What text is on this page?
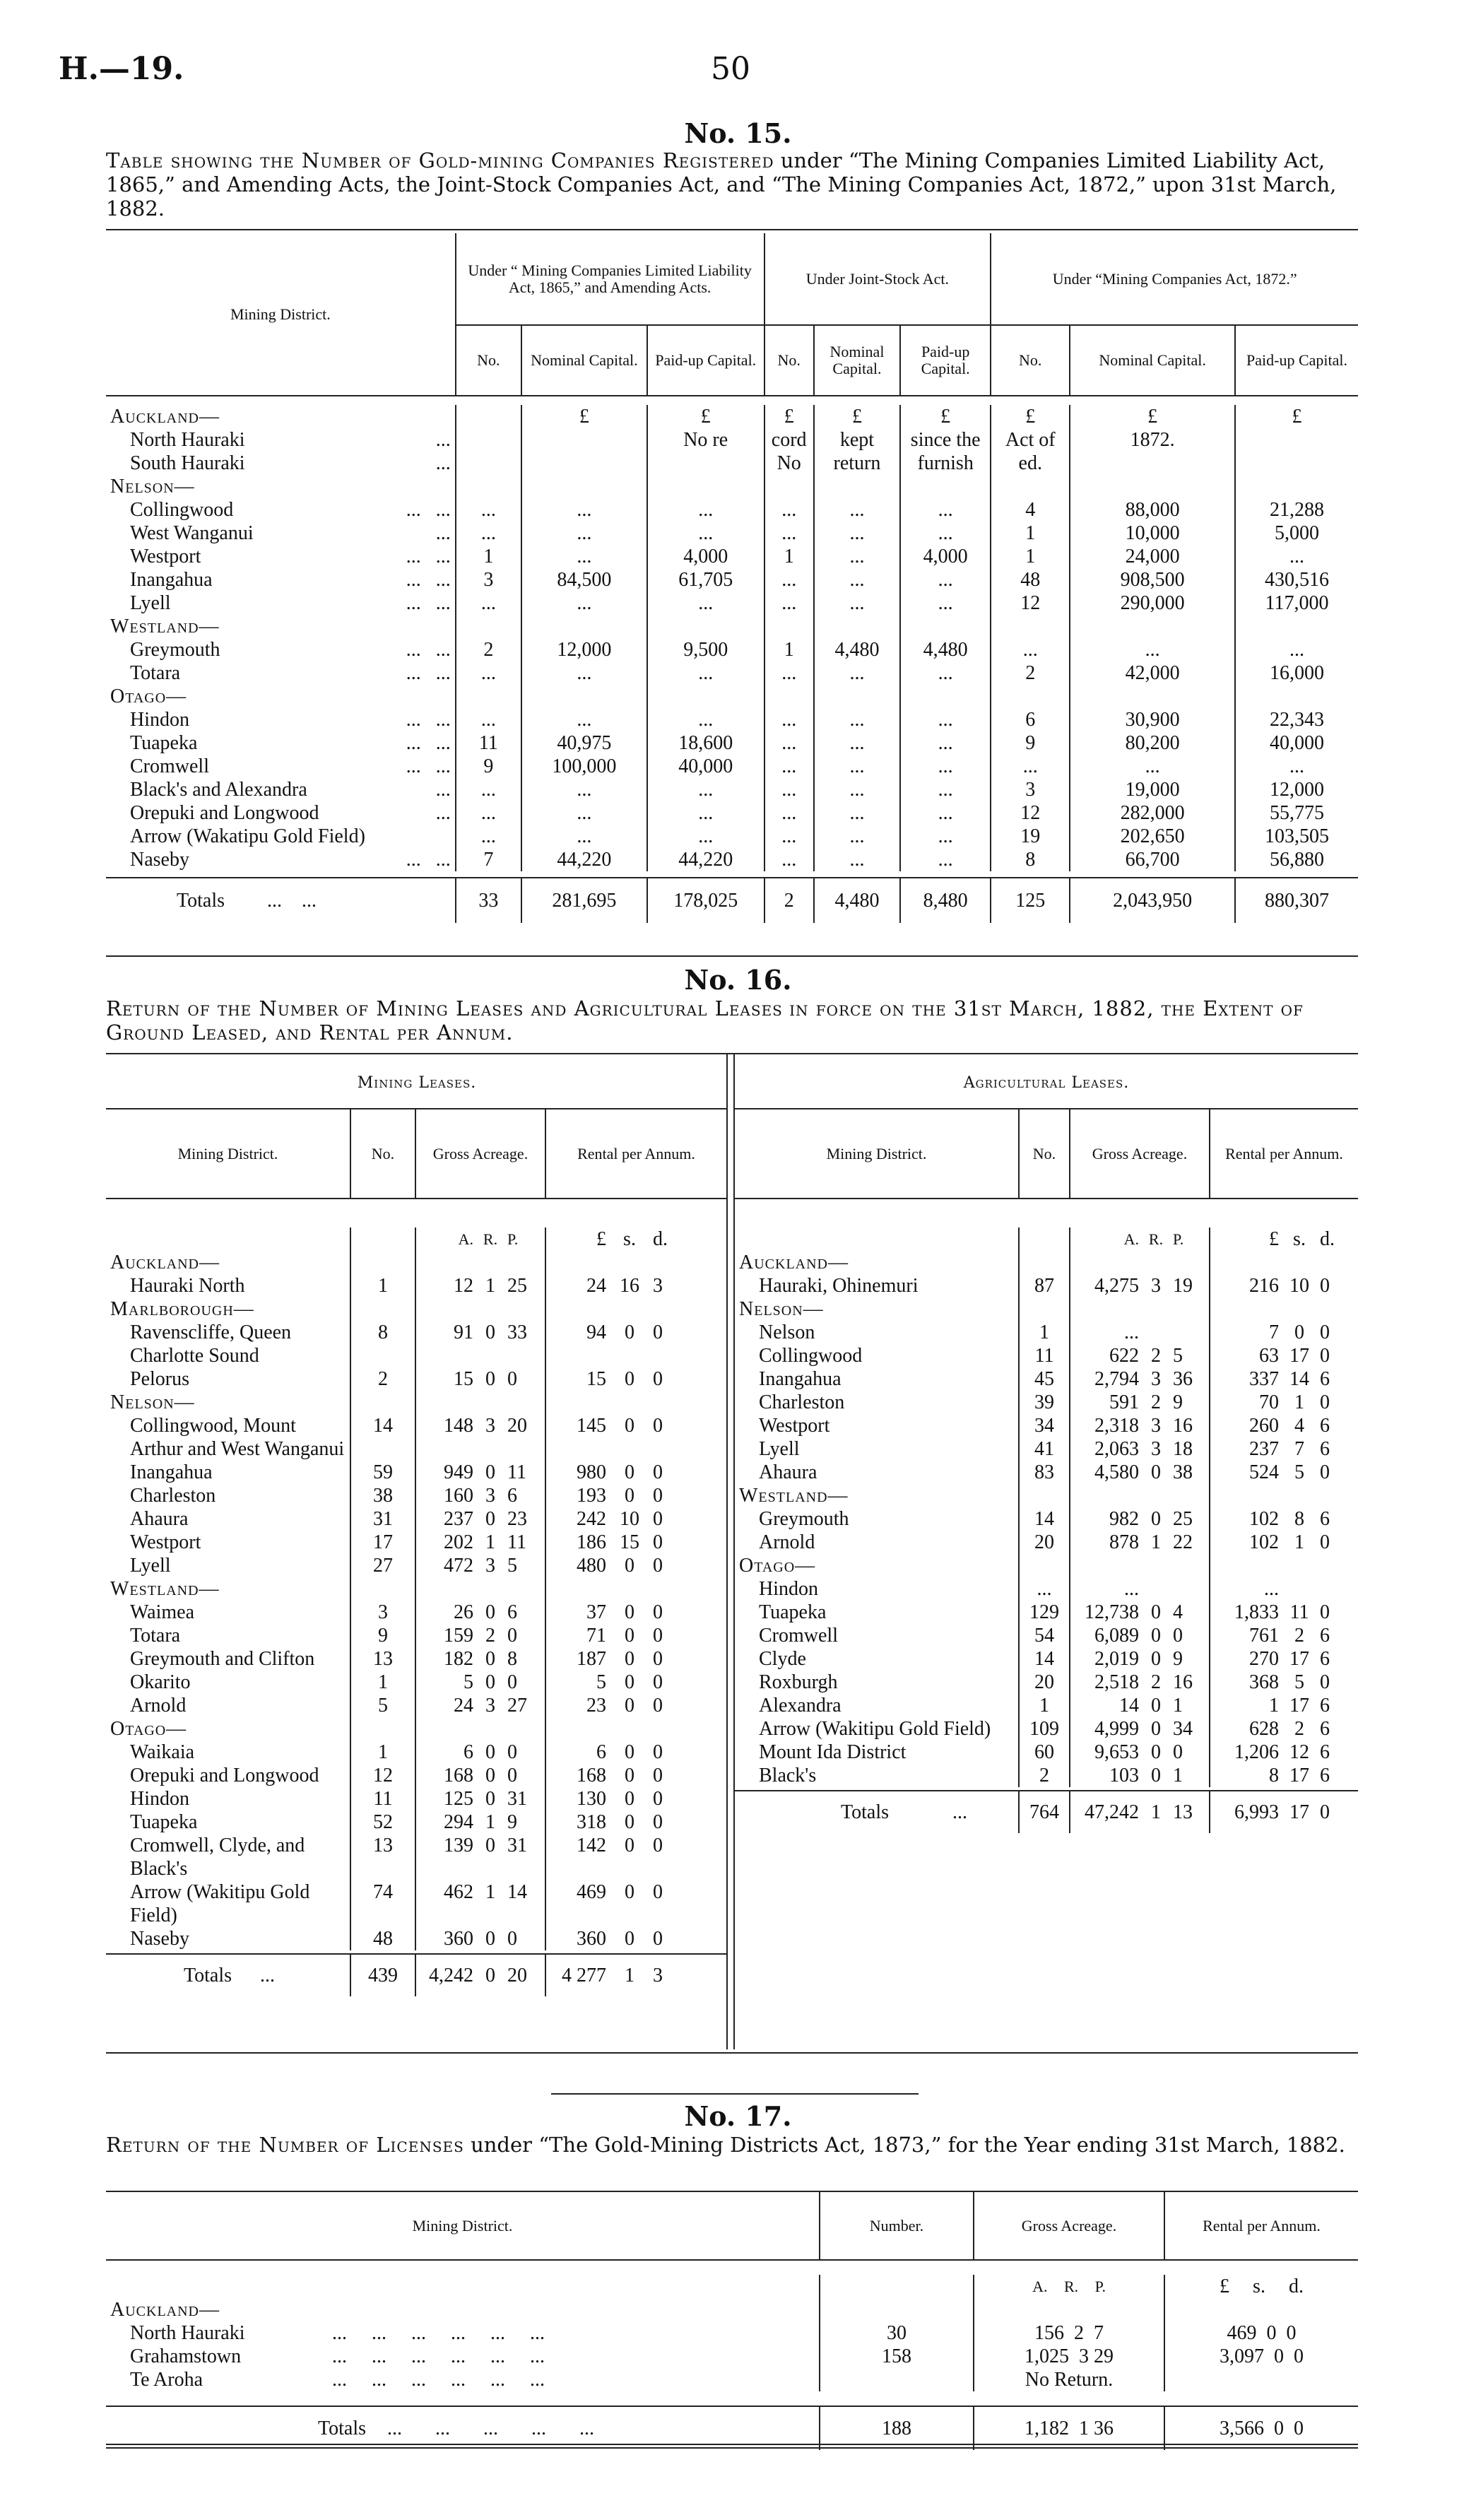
H.—19.	50
No. 15.
Table showing the Number of Gold-mining Companies Registered under “The Mining Companies Limited Liability Act, 1865,” and Amending Acts, the Joint-Stock Companies Act, and “The Mining Companies Act, 1872,” upon 31st March, 1882.
Mining District.	Under “ Mining Companies Limited Liability Act, 1865,” and Amending Acts.			Under Joint-Stock Act.			Under “Mining Companies Act, 1872.”		
	No.	Nominal Capital.	Paid-up Capital.	No.	Nominal Capital.	Paid-up Capital.	No.	Nominal Capital.	Paid-up Capital.

Auckland—		£	£	£	£	£	£	£	£
North Hauraki ...			No re	cord	kept	since the	Act of	1872.	
South Hauraki ...				No	return	furnish	ed.		
Nelson—									
Collingwood ...   ...	...	...	...	...	...	...	4	88,000	21,288
West Wanganui ...	...	...	...	...	...	...	1	10,000	5,000
Westport ...   ...	1	...	4,000	1	...	4,000	1	24,000	...
Inangahua ...   ...	3	84,500	61,705	...	...	...	48	908,500	430,516
Lyell ...   ...	...	...	...	...	...	...	12	290,000	117,000
Westland—									
Greymouth ...   ...	2	12,000	9,500	1	4,480	4,480	...	...	...
Totara ...   ...	...	...	...	...	...	...	2	42,000	16,000
Otago—									
Hindon ...   ...	...	...	...	...	...	...	6	30,900	22,343
Tuapeka ...   ...	11	40,975	18,600	...	...	...	9	80,200	40,000
Cromwell ...   ...	9	100,000	40,000	...	...	...	...	...	...
Black's and Alexandra ...	...	...	...	...	...	...	3	19,000	12,000
Orepuki and Longwood ...	...	...	...	...	...	...	12	282,000	55,775
Arrow (Wakatipu Gold Field)	...	...	...	...	...	...	19	202,650	103,505
Naseby ...   ...	7	44,220	44,220	...	...	...	8	66,700	56,880

Totals ...    ...	33	281,695	178,025	2	4,480	8,480	125	2,043,950	880,307
No. 16.
Return of the Number of Mining Leases and Agricultural Leases in force on the 31st March, 1882, the Extent of Ground Leased, and Rental per Annum.
Mining Leases.	Agricultural Leases.
Mining District.	No.	Gross Acreage.			Rental per Annum.		

		A.	R.	P.	£	s.	d.
Auckland—							
Hauraki North	1	12	1	25	24	16	3
Marlborough—							
Ravenscliffe, Queen Charlotte Sound	8	91	0	33	94	0	0
Pelorus	2	15	0	0	15	0	0
Nelson—							
Collingwood, Mount Arthur and West Wanganui	14	148	3	20	145	0	0
Inangahua	59	949	0	11	980	0	0
Charleston	38	160	3	6	193	0	0
Ahaura	31	237	0	23	242	10	0
Westport	17	202	1	11	186	15	0
Lyell	27	472	3	5	480	0	0
Westland—							
Waimea	3	26	0	6	37	0	0
Totara	9	159	2	0	71	0	0
Greymouth and Clifton	13	182	0	8	187	0	0
Okarito	1	5	0	0	5	0	0
Arnold	5	24	3	27	23	0	0
Otago—							
Waikaia	1	6	0	0	6	0	0
Orepuki and Longwood	12	168	0	0	168	0	0
Hindon	11	125	0	31	130	0	0
Tuapeka	52	294	1	9	318	0	0
Cromwell, Clyde, and Black's	13	139	0	31	142	0	0
Arrow (Wakitipu Gold Field)	74	462	1	14	469	0	0
Naseby	48	360	0	0	360	0	0

Totals ...	439	4,242	0	20	4 277	1	3
Mining District.	No.	Gross Acreage.			Rental per Annum.		

		A.	R.	P.	£	s.	d.
Auckland—							
Hauraki, Ohinemuri	87	4,275	3	19	216	10	0
Nelson—							
Nelson	1	...			7	0	0
Collingwood	11	622	2	5	63	17	0
Inangahua	45	2,794	3	36	337	14	6
Charleston	39	591	2	9	70	1	0
Westport	34	2,318	3	16	260	4	6
Lyell	41	2,063	3	18	237	7	6
Ahaura	83	4,580	0	38	524	5	0
Westland—							
Greymouth	14	982	0	25	102	8	6
Arnold	20	878	1	22	102	1	0
Otago—							
Hindon	...	...			...		
Tuapeka	129	12,738	0	4	1,833	11	0
Cromwell	54	6,089	0	0	761	2	6
Clyde	14	2,019	0	9	270	17	6
Roxburgh	20	2,518	2	16	368	5	0
Alexandra	1	14	0	1	1	17	6
Arrow (Wakitipu Gold Field)	109	4,999	0	34	628	2	6
Mount Ida District	60	9,653	0	0	1,206	12	6
Black's	2	103	0	1	8	17	6

Totals ...	764	47,242	1	13	6,993	17	0
No. 17.
Return of the Number of Licenses under “The Gold-Mining Districts Act, 1873,” for the Year ending 31st March, 1882.
Mining District.	Number.	Gross Acreage.	Rental per Annum.

		A. R. P.	£ s. d.
Auckland—			
North Hauraki ...     ...     ...     ...     ...     ...	30	156  2  7	469  0  0
Grahamstown ...     ...     ...     ...     ...     ...	158	1,025  3 29	3,097  0  0
Te Aroha ...     ...     ...     ...     ...     ...		No Return.	

Totals ... ... ... ... ...	188	1,182  1 36	3,566  0  0
